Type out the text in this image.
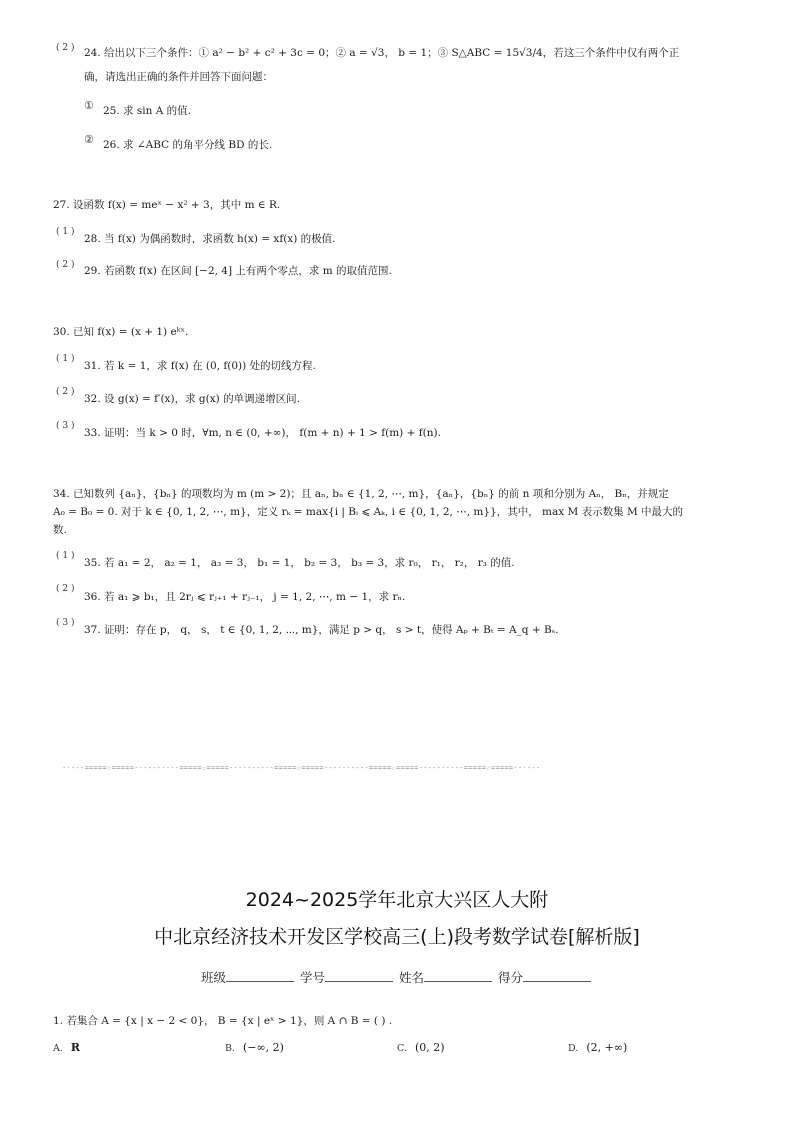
( 2 ) 24. 给出以下三个条件：① a² − b² + c² + 3c = 0；② a = √3， b = 1；③ S△ABC = 15√3/4，若这三个条件中仅有两个正
确，请选出正确的条件并回答下面问题：
① 25. 求 sin A 的值.
② 26. 求 ∠ABC 的角平分线 BD 的长.
27. 设函数 f(x) = meˣ − x² + 3，其中 m ∈ R.
( 1 )
28. 当 f(x) 为偶函数时，求函数 h(x) = xf(x) 的极值.
( 2 ) 29. 若函数 f(x) 在区间 [−2, 4] 上有两个零点，求 m 的取值范围.
30. 已知 f(x) = (x + 1) eᵏˣ.
( 1 )
31. 若 k = 1，求 f(x) 在 (0, f(0)) 处的切线方程.
( 2 )
32. 设 g(x) = f′(x)，求 g(x) 的单调递增区间.
( 3 )
33. 证明：当 k > 0 时，∀m, n ∈ (0, +∞)， f(m + n) + 1 > f(m) + f(n).
34. 已知数列 {aₙ}，{bₙ} 的项数均为 m (m > 2)；且 aₙ, bₙ ∈ {1, 2, ⋯, m}，{aₙ}，{bₙ} 的前 n 项和分别为 Aₙ， Bₙ，并规定
A₀ = B₀ = 0. 对于 k ∈ {0, 1, 2, ⋯, m}，定义 rₖ = max{i | Bᵢ ⩽ Aₖ, i ∈ {0, 1, 2, ⋯, m}}，其中， max M 表示数集 M 中最大的
数.
( 1 )
35. 若 a₁ = 2， a₂ = 1， a₃ = 3， b₁ = 1， b₂ = 3， b₃ = 3，求 r₀， r₁， r₂， r₃ 的值.
( 2 )
36. 若 a₁ ⩾ b₁，且 2rⱼ ⩽ rⱼ₊₁ + rⱼ₋₁， j = 1, 2, ⋯, m − 1，求 rₙ.
( 3 )
37. 证明：存在 p， q， s， t ∈ {0, 1, 2, ⋯, m}，满足 p > q， s > t，使得 Aₚ + Bₜ = A_q + Bₛ.
-----=====☆=====----------=====☆=====----------=====☆=====----------=====☆=====----------=====☆=====------
2024~2025学年北京大兴区人大附
中北京经济技术开发区学校高三(上)段考数学试卷[解析版]
班级	学号	姓名	得分
1. 若集合 A = {x | x − 2 < 0}， B = {x | eˣ > 1}，则 A ∩ B = ( ) .
A. R	B. (−∞, 2)	C. (0, 2)	D. (2, +∞)
